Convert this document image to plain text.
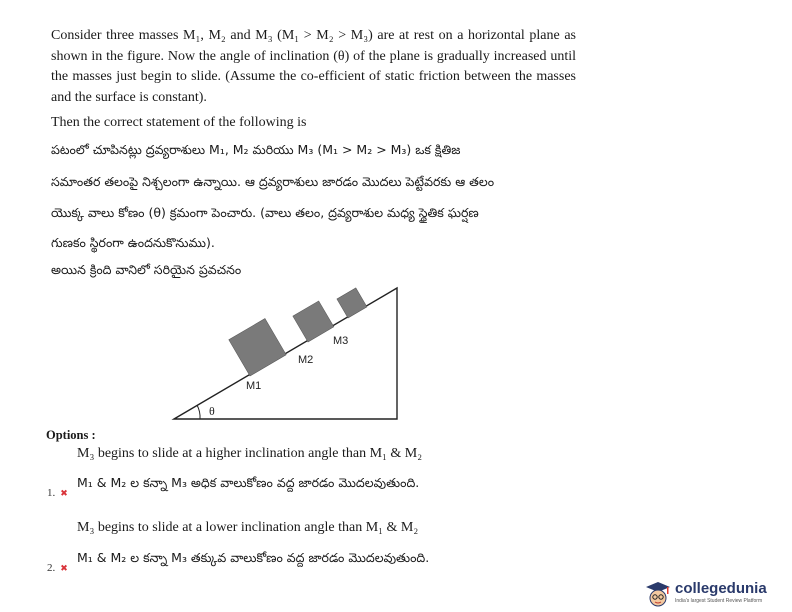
Consider three masses M₁, M₂ and M₃ (M₁ > M₂ > M₃) are at rest on a horizontal plane as shown in the figure. Now the angle of inclination (θ) of the plane is gradually increased until the masses just begin to slide. (Assume the co-efficient of static friction between the masses and the surface is constant).
Then the correct statement of the following is
పటంలో చూపినట్లు ద్రవ్యరాశులు M₁, M₂ మరియు M₃ (M₁ > M₂ > M₃) ఒక క్షితిజ
సమాంతర తలంపై నిశ్చలంగా ఉన్నాయి. ఆ ద్రవ్యరాశులు జారడం మొదలు పెట్టేవరకు ఆ తలం
యొక్క వాలు కోణం (θ) క్రమంగా పెంచారు. (వాలు తలం, ద్రవ్యరాశుల మధ్య స్థైతిక ఘర్షణ
గుణకం స్థిరంగా ఉందనుకొనుము).
అయిన క్రింది వానిలో సరియైన ప్రవచనం
M1
M2
M3
θ
Options :
M₃ begins to slide at a higher inclination angle than M₁ & M₂
M₁ & M₂ ల కన్నా M₃ అధిక వాలుకోణం వద్ద జారడం మొదలవుతుంది.
1. ✖
M₃ begins to slide at a lower inclination angle than M₁ & M₂
M₁ & M₂ ల కన్నా M₃ తక్కువ వాలుకోణం వద్ద జారడం మొదలవుతుంది.
2. ✖
collegedunia
India's largest Student Review Platform
